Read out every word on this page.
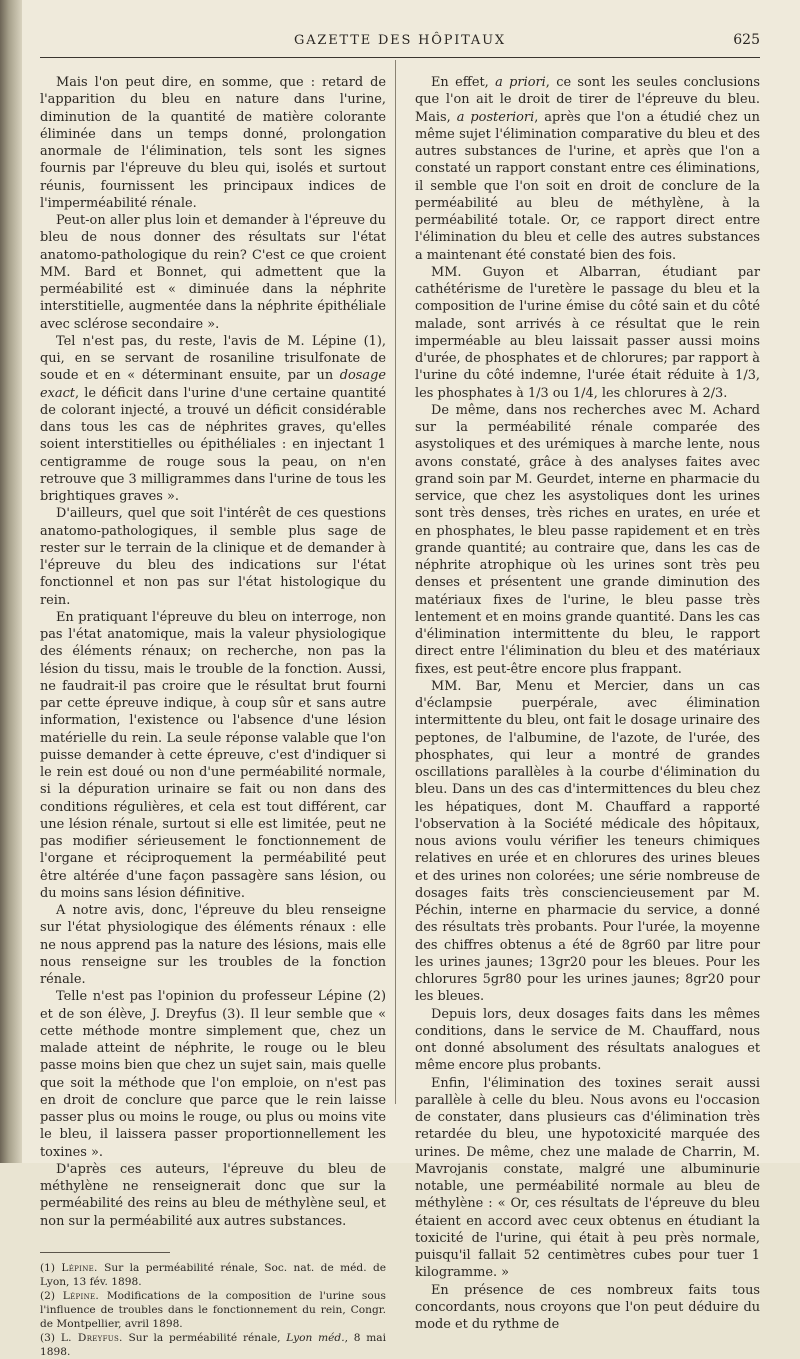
GAZETTE DES HÔPITAUX	625

Mais l'on peut dire, en somme, que : retard de l'apparition du bleu en nature dans l'urine, diminution de la quantité de matière colorante éliminée dans un temps donné, prolongation anormale de l'élimination, tels sont les signes fournis par l'épreuve du bleu qui, isolés et surtout réunis, fournissent les principaux indices de l'imperméabilité rénale.

Peut-on aller plus loin et demander à l'épreuve du bleu de nous donner des résultats sur l'état anatomo-pathologique du rein? C'est ce que croient MM. Bard et Bonnet, qui admettent que la perméabilité est « diminuée dans la néphrite interstitielle, augmentée dans la néphrite épithéliale avec sclérose secondaire ».

Tel n'est pas, du reste, l'avis de M. Lépine (1), qui, en se servant de rosaniline trisulfonate de soude et en « déterminant ensuite, par un dosage exact, le déficit dans l'urine d'une certaine quantité de colorant injecté, a trouvé un déficit considérable dans tous les cas de néphrites graves, qu'elles soient interstitielles ou épithéliales : en injectant 1 centigramme de rouge sous la peau, on n'en retrouve que 3 milligrammes dans l'urine de tous les brightiques graves ».

D'ailleurs, quel que soit l'intérêt de ces questions anatomo-pathologiques, il semble plus sage de rester sur le terrain de la clinique et de demander à l'épreuve du bleu des indications sur l'état fonctionnel et non pas sur l'état histologique du rein.

En pratiquant l'épreuve du bleu on interroge, non pas l'état anatomique, mais la valeur physiologique des éléments rénaux; on recherche, non pas la lésion du tissu, mais le trouble de la fonction. Aussi, ne faudrait-il pas croire que le résultat brut fourni par cette épreuve indique, à coup sûr et sans autre information, l'existence ou l'absence d'une lésion matérielle du rein. La seule réponse valable que l'on puisse demander à cette épreuve, c'est d'indiquer si le rein est doué ou non d'une perméabilité normale, si la dépuration urinaire se fait ou non dans des conditions régulières, et cela est tout différent, car une lésion rénale, surtout si elle est limitée, peut ne pas modifier sérieusement le fonctionnement de l'organe et réciproquement la perméabilité peut être altérée d'une façon passagère sans lésion, ou du moins sans lésion définitive.

A notre avis, donc, l'épreuve du bleu renseigne sur l'état physiologique des éléments rénaux : elle ne nous apprend pas la nature des lésions, mais elle nous renseigne sur les troubles de la fonction rénale.

Telle n'est pas l'opinion du professeur Lépine (2) et de son élève, J. Dreyfus (3). Il leur semble que « cette méthode montre simplement que, chez un malade atteint de néphrite, le rouge ou le bleu passe moins bien que chez un sujet sain, mais quelle que soit la méthode que l'on emploie, on n'est pas en droit de conclure que parce que le rein laisse passer plus ou moins le rouge, ou plus ou moins vite le bleu, il laissera passer proportionnellement les toxines ».

D'après ces auteurs, l'épreuve du bleu de méthylène ne renseignerait donc que sur la perméabilité des reins au bleu de méthylène seul, et non sur la perméabilité aux autres substances.

(1) Lépine. Sur la perméabilité rénale, Soc. nat. de méd. de Lyon, 13 fév. 1898.

(2) Lépine. Modifications de la composition de l'urine sous l'influence de troubles dans le fonctionnement du rein, Congr. de Montpellier, avril 1898.

(3) L. Dreyfus. Sur la perméabilité rénale, Lyon méd., 8 mai 1898.

En effet, a priori, ce sont les seules conclusions que l'on ait le droit de tirer de l'épreuve du bleu. Mais, a posteriori, après que l'on a étudié chez un même sujet l'élimination comparative du bleu et des autres substances de l'urine, et après que l'on a constaté un rapport constant entre ces éliminations, il semble que l'on soit en droit de conclure de la perméabilité au bleu de méthylène, à la perméabilité totale. Or, ce rapport direct entre l'élimination du bleu et celle des autres substances a maintenant été constaté bien des fois.

MM. Guyon et Albarran, étudiant par cathétérisme de l'uretère le passage du bleu et la composition de l'urine émise du côté sain et du côté malade, sont arrivés à ce résultat que le rein imperméable au bleu laissait passer aussi moins d'urée, de phosphates et de chlorures; par rapport à l'urine du côté indemne, l'urée était réduite à 1/3, les phosphates à 1/3 ou 1/4, les chlorures à 2/3.

De même, dans nos recherches avec M. Achard sur la perméabilité rénale comparée des asystoliques et des urémiques à marche lente, nous avons constaté, grâce à des analyses faites avec grand soin par M. Geurdet, interne en pharmacie du service, que chez les asystoliques dont les urines sont très denses, très riches en urates, en urée et en phosphates, le bleu passe rapidement et en très grande quantité; au contraire que, dans les cas de néphrite atrophique où les urines sont très peu denses et présentent une grande diminution des matériaux fixes de l'urine, le bleu passe très lentement et en moins grande quantité. Dans les cas d'élimination intermittente du bleu, le rapport direct entre l'élimination du bleu et des matériaux fixes, est peut-être encore plus frappant.

MM. Bar, Menu et Mercier, dans un cas d'éclampsie puerpérale, avec élimination intermittente du bleu, ont fait le dosage urinaire des peptones, de l'albumine, de l'azote, de l'urée, des phosphates, qui leur a montré de grandes oscillations parallèles à la courbe d'élimination du bleu. Dans un des cas d'intermittences du bleu chez les hépatiques, dont M. Chauffard a rapporté l'observation à la Société médicale des hôpitaux, nous avions voulu vérifier les teneurs chimiques relatives en urée et en chlorures des urines bleues et des urines non colorées; une série nombreuse de dosages faits très consciencieusement par M. Péchin, interne en pharmacie du service, a donné des résultats très probants. Pour l'urée, la moyenne des chiffres obtenus a été de 8gr60 par litre pour les urines jaunes; 13gr20 pour les bleues. Pour les chlorures 5gr80 pour les urines jaunes; 8gr20 pour les bleues.

Depuis lors, deux dosages faits dans les mêmes conditions, dans le service de M. Chauffard, nous ont donné absolument des résultats analogues et même encore plus probants.

Enfin, l'élimination des toxines serait aussi parallèle à celle du bleu. Nous avons eu l'occasion de constater, dans plusieurs cas d'élimination très retardée du bleu, une hypotoxicité marquée des urines. De même, chez une malade de Charrin, M. Mavrojanis constate, malgré une albuminurie notable, une perméabilité normale au bleu de méthylène : « Or, ces résultats de l'épreuve du bleu étaient en accord avec ceux obtenus en étudiant la toxicité de l'urine, qui était à peu près normale, puisqu'il fallait 52 centimètres cubes pour tuer 1 kilogramme. »

En présence de ces nombreux faits tous concordants, nous croyons que l'on peut déduire du mode et du rythme de
